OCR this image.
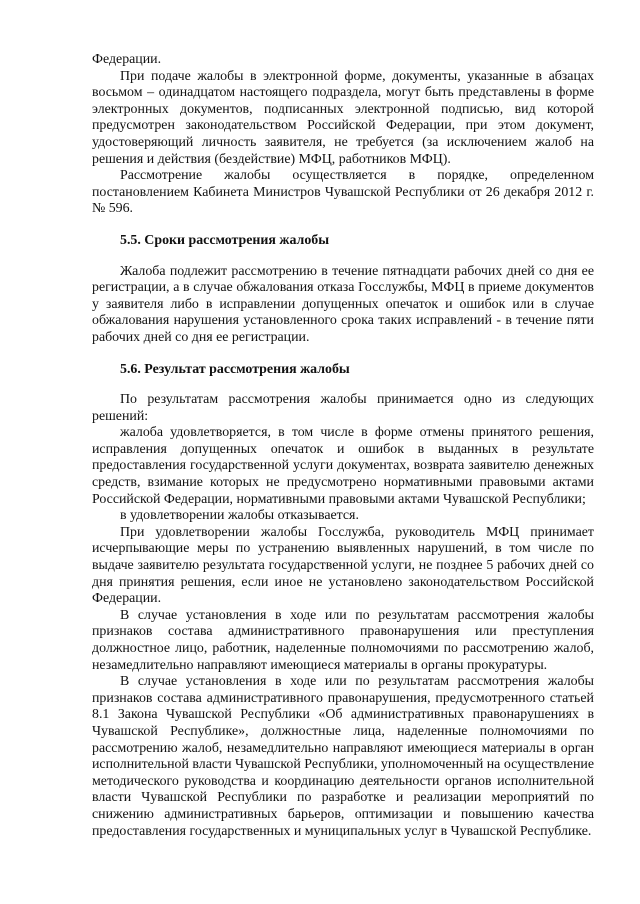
Федерации.

При подаче жалобы в электронной форме, документы, указанные в абзацах восьмом – одинадцатом настоящего подраздела, могут быть представлены в форме электронных документов, подписанных электронной подписью, вид которой предусмотрен законодательством Российской Федерации, при этом документ, удостоверяющий личность заявителя, не требуется (за исключением жалоб на решения и действия (бездействие) МФЦ, работников МФЦ).

Рассмотрение жалобы осуществляется в порядке, определенном постановлением Кабинета Министров Чувашской Республики от 26 декабря 2012 г. № 596.

5.5. Сроки рассмотрения жалобы

Жалоба подлежит рассмотрению в течение пятнадцати рабочих дней со дня ее регистрации, а в случае обжалования отказа Госслужбы, МФЦ в приеме документов у заявителя либо в исправлении допущенных опечаток и ошибок или в случае обжалования нарушения установленного срока таких исправлений - в течение пяти рабочих дней со дня ее регистрации.

5.6. Результат рассмотрения жалобы

По результатам рассмотрения жалобы принимается одно из следующих решений:

жалоба удовлетворяется, в том числе в форме отмены принятого решения, исправления допущенных опечаток и ошибок в выданных в результате предоставления государственной услуги документах, возврата заявителю денежных средств, взимание которых не предусмотрено нормативными правовыми актами Российской Федерации, нормативными правовыми актами Чувашской Республики;

в удовлетворении жалобы отказывается.

При удовлетворении жалобы Госслужба, руководитель МФЦ принимает исчерпывающие меры по устранению выявленных нарушений, в том числе по выдаче заявителю результата государственной услуги, не позднее 5 рабочих дней со дня принятия решения, если иное не установлено законодательством Российской Федерации.

В случае установления в ходе или по результатам рассмотрения жалобы признаков состава административного правонарушения или преступления должностное лицо, работник, наделенные полномочиями по рассмотрению жалоб, незамедлительно направляют имеющиеся материалы в органы прокуратуры.

В случае установления в ходе или по результатам рассмотрения жалобы признаков состава административного правонарушения, предусмотренного статьей 8.1 Закона Чувашской Республики «Об административных правонарушениях в Чувашской Республике», должностные лица, наделенные полномочиями по рассмотрению жалоб, незамедлительно направляют имеющиеся материалы в орган исполнительной власти Чувашской Республики, уполномоченный на осуществление методического руководства и координацию деятельности органов исполнительной власти Чувашской Республики по разработке и реализации мероприятий по снижению административных барьеров, оптимизации и повышению качества предоставления государственных и муниципальных услуг в Чувашской Республике.
